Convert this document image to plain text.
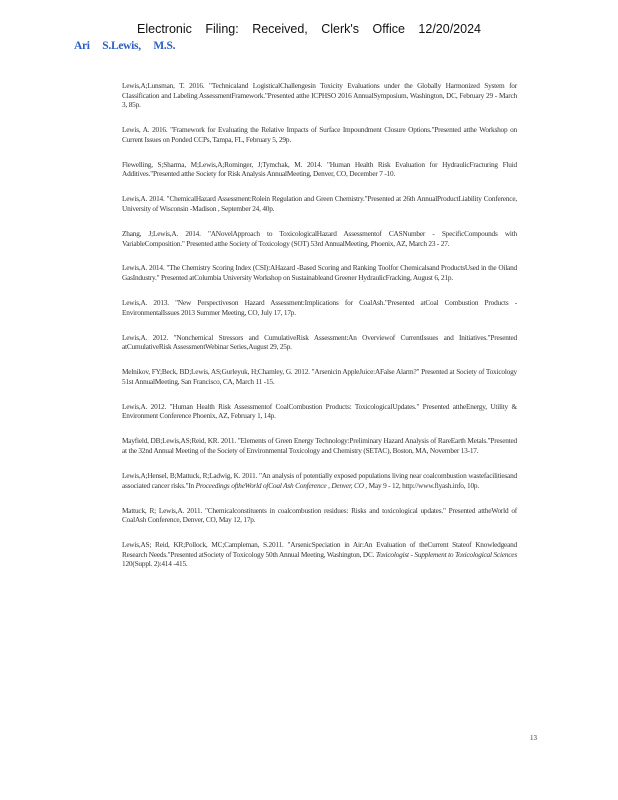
Electronic Filing: Received, Clerk's Office 12/20/2024
Ari S.Lewis, M.S.
Lewis,A;Lunsman, T. 2016. "Technicaland LogisticalChallengesin Toxicity Evaluations under the Globally Harmonized System for Classification and Labeling AssessmentFramework."Presented atthe ICPHSO 2016 AnnualSymposium, Washington, DC, February 29 - March 3, 85p.
Lewis, A. 2016. "Framework for Evaluating the Relative Impacts of Surface Impoundment Closure Options."Presented atthe Workshop on Current Issues on Ponded CCPs, Tampa, FL, February 5, 29p.
Flewelling, S;Sharma, M;Lewis,A;Rominger, J;Tymchak, M. 2014. "Human Health Risk Evaluation for HydraulicFracturing Fluid Additives."Presented atthe Society for Risk Analysis AnnualMeeting, Denver, CO, December 7 -10.
Lewis,A. 2014. "ChemicalHazard Assessment:Rolein Regulation and Green Chemistry."Presented at 26th AnnualProductLiability Conference, University of Wisconsin -Madison , September 24, 40p.
Zhang, J;Lewis,A. 2014. "ANovelApproach to ToxicologicalHazard Assessmentof CASNumber - SpecificCompounds with VariableComposition." Presented atthe Society of Toxicology (SOT) 53rd AnnualMeeting, Phoenix, AZ, March 23 - 27.
Lewis,A. 2014. "The Chemistry Scoring Index (CSI):AHazard -Based Scoring and Ranking Toolfor Chemicalsand ProductsUsed in the Oiland GasIndustry." Presented atColumbia University Workshop on Sustainableand Greener HydraulicFracking, August 6, 21p.
Lewis,A. 2013. "New Perspectiveson Hazard Assessment:Implications for CoalAsh."Presented atCoal Combustion Products - EnvironmentalIssues 2013 Summer Meeting, CO, July 17, 17p.
Lewis,A. 2012. "Nonchemical Stressors and CumulativeRisk Assessment:An Overviewof CurrentIssues and Initiatives."Presented atCumulativeRisk AssessmentWebinar Series,August 29, 25p.
Melnikov, FY;Beck, BD;Lewis, AS;Gurleyuk, H;Chamley, G. 2012. "Arsenicin AppleJuice:AFalse Alarm?" Presented at Society of Toxicology 51st AnnualMeeting, San Francisco, CA, March 11 -15.
Lewis,A. 2012. "Human Health Risk Assessmentof CoalCombustion Products: ToxicologicalUpdates." Presented attheEnergy, Utility & Environment Conference Phoenix, AZ, February 1, 14p.
Mayfield, DB;Lewis,AS;Reid, KR. 2011. "Elements of Green Energy Technology:Preliminary Hazard Analysis of RareEarth Metals."Presented at the 32nd Annual Meeting of the Society of Environmental Toxicology and Chemistry (SETAC), Boston, MA, November 13-17.
Lewis,A;Hensel, B;Mattuck, R;Ladwig, K. 2011. "An analysis of potentially exposed populations living near coalcombustion wastefacilitiesand associated cancer risks."In Proceedings oftheWorld ofCoal Ash Conference , Denver, CO , May 9 - 12, http://www.flyash.info, 10p.
Mattuck, R; Lewis,A. 2011. "Chemicalconstituents in coalcombustion residues: Risks and toxicological updates." Presented attheWorld of CoalAsh Conference, Denver, CO, May 12, 17p.
Lewis,AS; Reid, KR;Pollock, MC;Campleman, S.2011. "ArsenicSpeciation in Air:An Evaluation of theCurrent Stateof Knowledgeand Research Needs."Presented atSociety of Toxicology 50th Annual Meeting, Washington, DC. Toxicologist - Supplement to Toxicological Sciences 120(Suppl. 2):414 -415.
13
